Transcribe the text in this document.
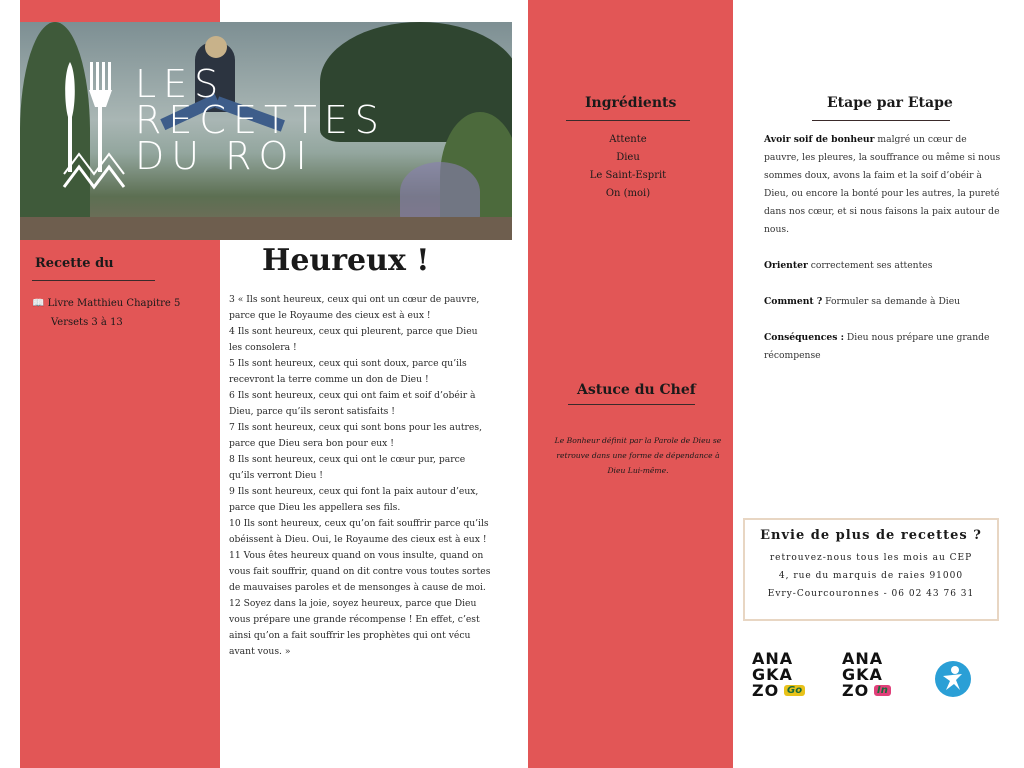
LES
RECETTES
DU ROI
Recette du
📖 Livre Matthieu Chapitre 5
Versets 3 à 13
Heureux !

3 « Ils sont heureux, ceux qui ont un cœur de pauvre, parce que le Royaume des cieux est à eux !

4 Ils sont heureux, ceux qui pleurent, parce que Dieu les consolera !

5 Ils sont heureux, ceux qui sont doux, parce qu’ils recevront la terre comme un don de Dieu !

6 Ils sont heureux, ceux qui ont faim et soif d’obéir à Dieu, parce qu’ils seront satisfaits !

7 Ils sont heureux, ceux qui sont bons pour les autres, parce que Dieu sera bon pour eux !

8 Ils sont heureux, ceux qui ont le cœur pur, parce qu’ils verront Dieu !

9 Ils sont heureux, ceux qui font la paix autour d’eux, parce que Dieu les appellera ses fils.

10 Ils sont heureux, ceux qu’on fait souffrir parce qu’ils obéissent à Dieu. Oui, le Royaume des cieux est à eux !

11 Vous êtes heureux quand on vous insulte, quand on vous fait souffrir, quand on dit contre vous toutes sortes de mauvaises paroles et de mensonges à cause de moi.

12 Soyez dans la joie, soyez heureux, parce que Dieu vous prépare une grande récompense ! En effet, c’est ainsi qu’on a fait souffrir les prophètes qui ont vécu avant vous. »

Ingrédients
Attente
Dieu
Le Saint-Esprit
On (moi)
Astuce du Chef
Le Bonheur définit par la Parole de Dieu se retrouve dans une forme de dépendance à Dieu Lui-même.
Etape par Etape

Avoir soif de bonheur malgré un cœur de pauvre, les pleures, la souffrance ou même si nous sommes doux, avons la faim et la soif d’obéir à Dieu, ou encore la bonté pour les autres, la pureté dans nos cœur, et si nous faisons la paix autour de nous.

Orienter correctement ses attentes

Comment ? Formuler sa demande à Dieu

Conséquences : Dieu nous prépare une grande récompense

Envie de plus de recettes ?
retrouvez-nous tous les mois au CEP
4, rue du marquis de raies 91000
Evry-Courcouronnes - 06 02 43 76 31
ANA
GKA
ZO Go
ANA
GKA
ZO In
